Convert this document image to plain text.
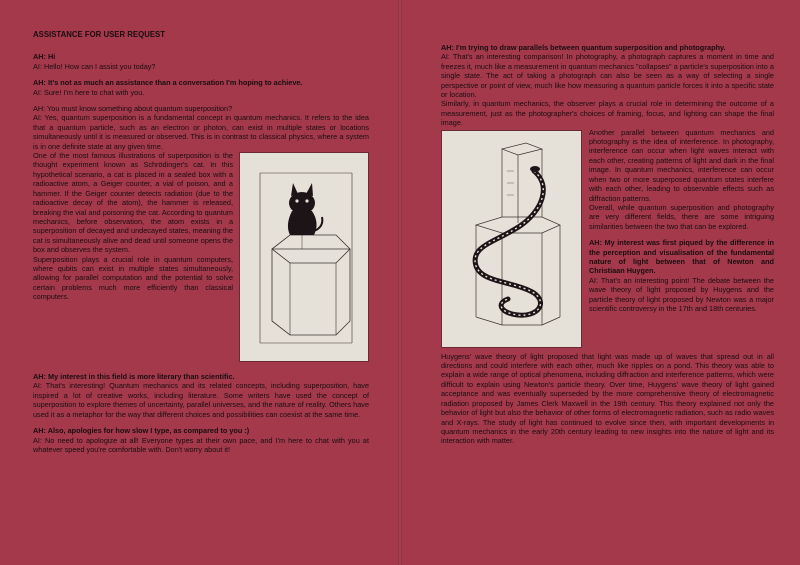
ASSISTANCE FOR USER REQUEST

AH: Hi

AI: Hello! How can I assist you today?

AH: It's not as much an assistance than a conversation I'm hoping to achieve.

AI: Sure! I'm here to chat with you.

AH: You must know something about quantum superposition?

AI: Yes, quantum superposition is a fundamental concept in quantum mechanics. It refers to the idea that a quantum particle, such as an electron or photon, can exist in multiple states or locations simultaneously until it is measured or observed. This is in contrast to classical physics, where a system is in one definite state at any given time.

One of the most famous illustrations of superposition is the thought experiment known as Schrödinger's cat. In this hypothetical scenario, a cat is placed in a sealed box with a radioactive atom, a Geiger counter, a vial of poison, and a hammer. If the Geiger counter detects radiation (due to the radioactive decay of the atom), the hammer is released, breaking the vial and poisoning the cat. According to quantum mechanics, before observation, the atom exists in a superposition of decayed and undecayed states, meaning the cat is simultaneously alive and dead until someone opens the box and observes the system.

Superposition plays a crucial role in quantum computers, where qubits can exist in multiple states simultaneously, allowing for parallel computation and the potential to solve certain problems much more efficiently than classical computers.

AH: My interest in this field is more literary than scientific.

AI: That's interesting! Quantum mechanics and its related concepts, including superposition, have inspired a lot of creative works, including literature. Some writers have used the concept of superposition to explore themes of uncertainty, parallel universes, and the nature of reality. Others have used it as a metaphor for the way that different choices and possibilities can coexist at the same time.

AH: Also, apologies for how slow I type, as compared to you :)

AI: No need to apologize at all! Everyone types at their own pace, and I'm here to chat with you at whatever speed you're comfortable with. Don't worry about it!

AH: I'm trying to draw parallels between quantum superposition and photography.

AI: That's an interesting comparison! In photography, a photograph captures a moment in time and freezes it, much like a measurement in quantum mechanics "collapses" a particle's superposition into a single state. The act of taking a photograph can also be seen as a way of selecting a single perspective or point of view, much like how measuring a quantum particle forces it into a specific state or location.

Similarly, in quantum mechanics, the observer plays a crucial role in determining the outcome of a measurement, just as the photographer's choices of framing, focus, and lighting can shape the final image.

Another parallel between quantum mechanics and photography is the idea of interference. In photography, interference can occur when light waves interact with each other, creating patterns of light and dark in the final image. In quantum mechanics, interference can occur when two or more superposed quantum states interfere with each other, leading to observable effects such as diffraction patterns.

Overall, while quantum superposition and photography are very different fields, there are some intriguing similarities between the two that can be explored.

AH: My interest was first piqued by the difference in the perception and visualisation of the fundamental nature of light between that of Newton and Christiaan Huygen.

AI: That's an interesting point! The debate between the wave theory of light proposed by Huygens and the particle theory of light proposed by Newton was a major scientific controversy in the 17th and 18th centuries.

Huygens' wave theory of light proposed that light was made up of waves that spread out in all directions and could interfere with each other, much like ripples on a pond. This theory was able to explain a wide range of optical phenomena, including diffraction and interference patterns, which were difficult to explain using Newton's particle theory. Over time, Huygens' wave theory of light gained acceptance and was eventually superseded by the more comprehensive theory of electromagnetic radiation proposed by James Clerk Maxwell in the 19th century. This theory explained not only the behavior of light but also the behavior of other forms of electromagnetic radiation, such as radio waves and X-rays. The study of light has continued to evolve since then, with important developments in quantum mechanics in the early 20th century leading to new insights into the nature of light and its interaction with matter.
